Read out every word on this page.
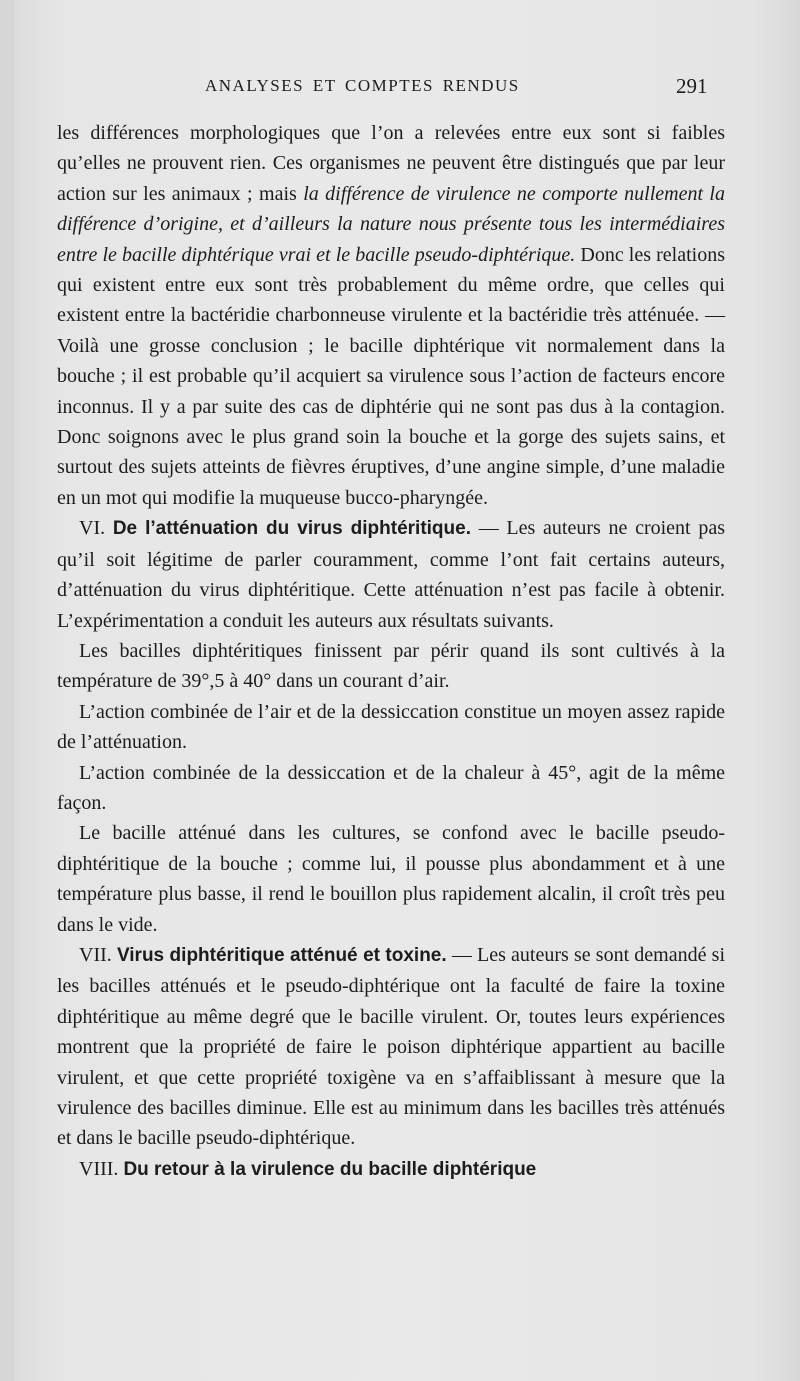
ANALYSES ET COMPTES RENDUS	291

les différences morphologiques que l’on a relevées entre eux sont si faibles qu’elles ne prouvent rien. Ces organismes ne peuvent être distingués que par leur action sur les animaux ; mais la différence de virulence ne comporte nullement la différence d’origine, et d’ailleurs la nature nous présente tous les intermédiaires entre le bacille diphtérique vrai et le bacille pseudo-diphtérique. Donc les relations qui existent entre eux sont très probablement du même ordre, que celles qui existent entre la bactéridie charbonneuse virulente et la bactéridie très atténuée. — Voilà une grosse conclusion ; le bacille diphtérique vit normalement dans la bouche ; il est probable qu’il acquiert sa virulence sous l’action de facteurs encore inconnus. Il y a par suite des cas de diphtérie qui ne sont pas dus à la contagion. Donc soignons avec le plus grand soin la bouche et la gorge des sujets sains, et surtout des sujets atteints de fièvres éruptives, d’une angine simple, d’une maladie en un mot qui modifie la muqueuse bucco-pharyngée.

VI. De l’atténuation du virus diphtéritique. — Les auteurs ne croient pas qu’il soit légitime de parler couramment, comme l’ont fait certains auteurs, d’atténuation du virus diphtéritique. Cette atténuation n’est pas facile à obtenir. L’expérimentation a conduit les auteurs aux résultats suivants.

Les bacilles diphtéritiques finissent par périr quand ils sont cultivés à la température de 39°,5 à 40° dans un courant d’air.

L’action combinée de l’air et de la dessiccation constitue un moyen assez rapide de l’atténuation.

L’action combinée de la dessiccation et de la chaleur à 45°, agit de la même façon.

Le bacille atténué dans les cultures, se confond avec le bacille pseudo-diphtéritique de la bouche ; comme lui, il pousse plus abondamment et à une température plus basse, il rend le bouillon plus rapidement alcalin, il croît très peu dans le vide.

VII. Virus diphtéritique atténué et toxine. — Les auteurs se sont demandé si les bacilles atténués et le pseudo-diphtérique ont la faculté de faire la toxine diphtéritique au même degré que le bacille virulent. Or, toutes leurs expériences montrent que la propriété de faire le poison diphtérique appartient au bacille virulent, et que cette propriété toxigène va en s’affaiblissant à mesure que la virulence des bacilles diminue. Elle est au minimum dans les bacilles très atténués et dans le bacille pseudo-diphtérique.

VIII. Du retour à la virulence du bacille diphtérique
